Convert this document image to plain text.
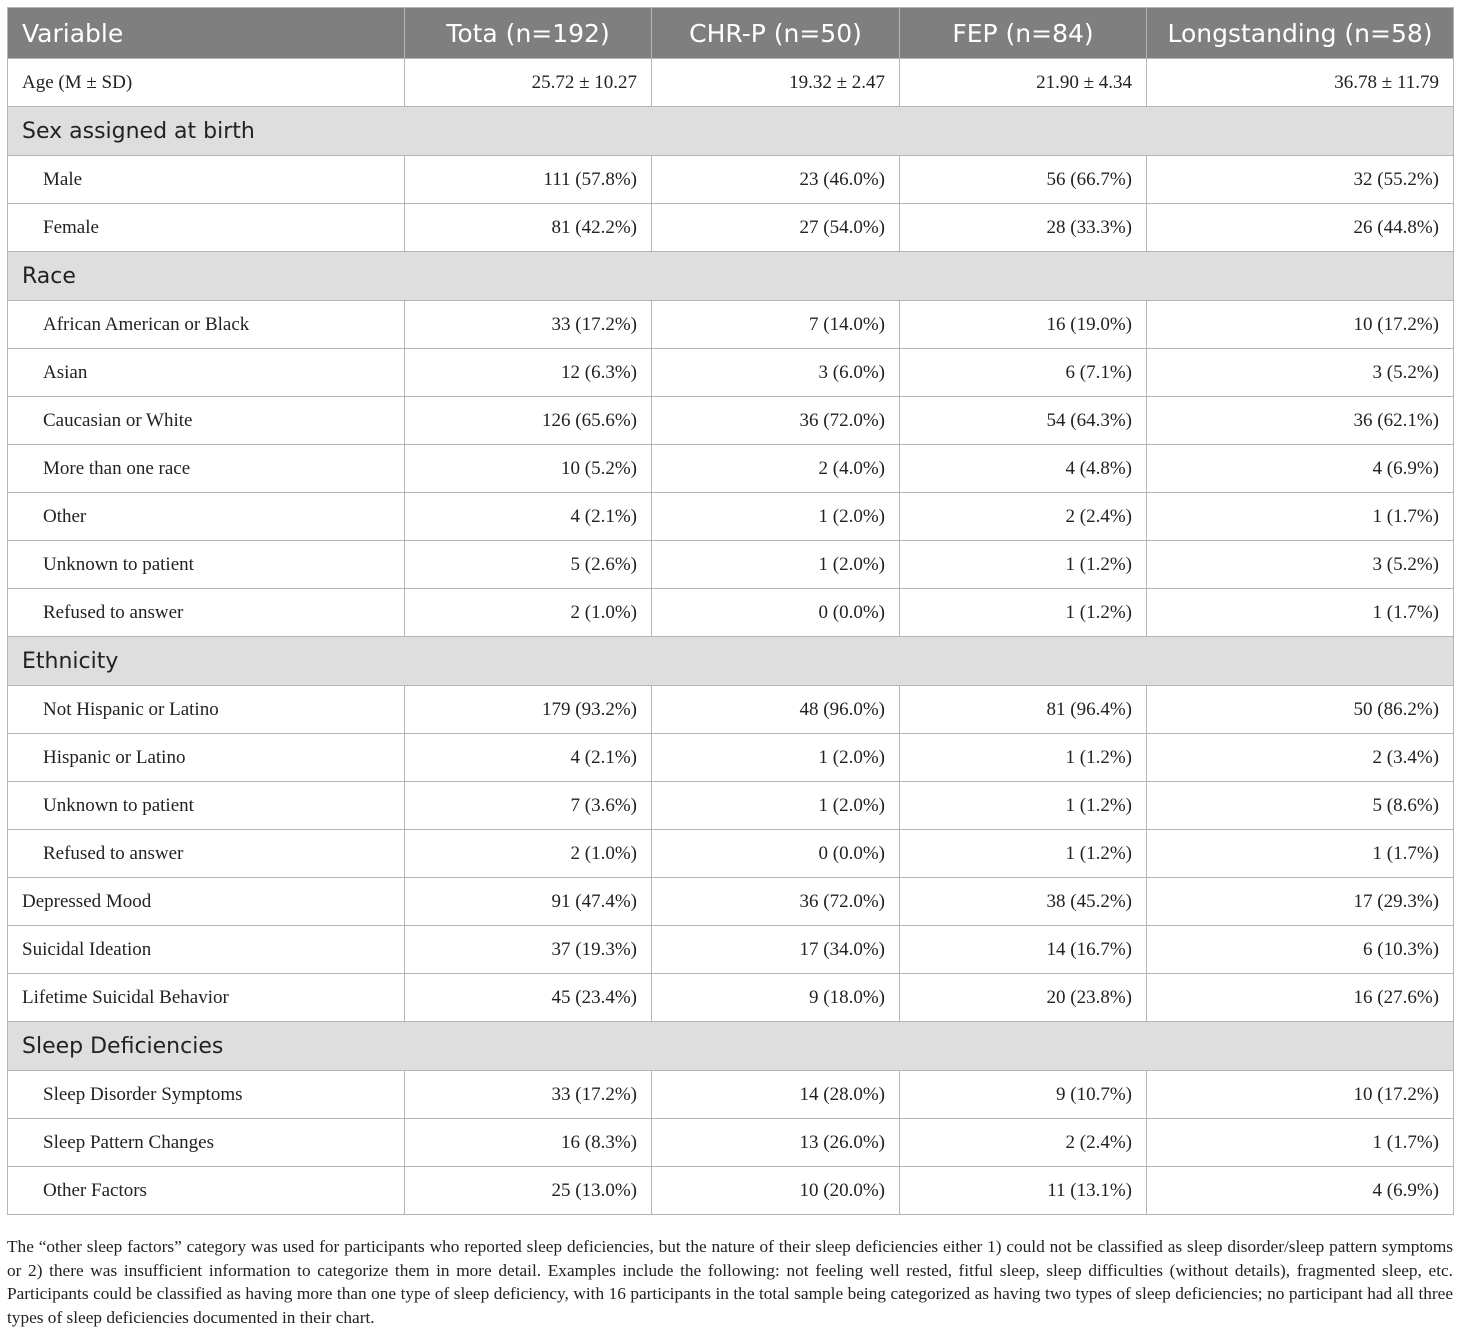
Variable	Tota (n=192)	CHR-P (n=50)	FEP (n=84)	Longstanding (n=58)
Age (M ± SD)	25.72 ± 10.27	19.32 ± 2.47	21.90 ± 4.34	36.78 ± 11.79
Sex assigned at birth				
Male	111 (57.8%)	23 (46.0%)	56 (66.7%)	32 (55.2%)
Female	81 (42.2%)	27 (54.0%)	28 (33.3%)	26 (44.8%)
Race				
African American or Black	33 (17.2%)	7 (14.0%)	16 (19.0%)	10 (17.2%)
Asian	12 (6.3%)	3 (6.0%)	6 (7.1%)	3 (5.2%)
Caucasian or White	126 (65.6%)	36 (72.0%)	54 (64.3%)	36 (62.1%)
More than one race	10 (5.2%)	2 (4.0%)	4 (4.8%)	4 (6.9%)
Other	4 (2.1%)	1 (2.0%)	2 (2.4%)	1 (1.7%)
Unknown to patient	5 (2.6%)	1 (2.0%)	1 (1.2%)	3 (5.2%)
Refused to answer	2 (1.0%)	0 (0.0%)	1 (1.2%)	1 (1.7%)
Ethnicity				
Not Hispanic or Latino	179 (93.2%)	48 (96.0%)	81 (96.4%)	50 (86.2%)
Hispanic or Latino	4 (2.1%)	1 (2.0%)	1 (1.2%)	2 (3.4%)
Unknown to patient	7 (3.6%)	1 (2.0%)	1 (1.2%)	5 (8.6%)
Refused to answer	2 (1.0%)	0 (0.0%)	1 (1.2%)	1 (1.7%)
Depressed Mood	91 (47.4%)	36 (72.0%)	38 (45.2%)	17 (29.3%)
Suicidal Ideation	37 (19.3%)	17 (34.0%)	14 (16.7%)	6 (10.3%)
Lifetime Suicidal Behavior	45 (23.4%)	9 (18.0%)	20 (23.8%)	16 (27.6%)
Sleep Deficiencies				
Sleep Disorder Symptoms	33 (17.2%)	14 (28.0%)	9 (10.7%)	10 (17.2%)
Sleep Pattern Changes	16 (8.3%)	13 (26.0%)	2 (2.4%)	1 (1.7%)
Other Factors	25 (13.0%)	10 (20.0%)	11 (13.1%)	4 (6.9%)

The “other sleep factors” category was used for participants who reported sleep deficiencies, but the nature of their sleep deficiencies either 1) could not be classified as sleep disorder/sleep pattern symptoms or 2) there was insufficient information to categorize them in more detail. Examples include the following: not feeling well rested, fitful sleep, sleep difficulties (without details), fragmented sleep, etc. Participants could be classified as having more than one type of sleep deficiency, with 16 participants in the total sample being categorized as having two types of sleep deficiencies; no participant had all three types of sleep deficiencies documented in their chart.
